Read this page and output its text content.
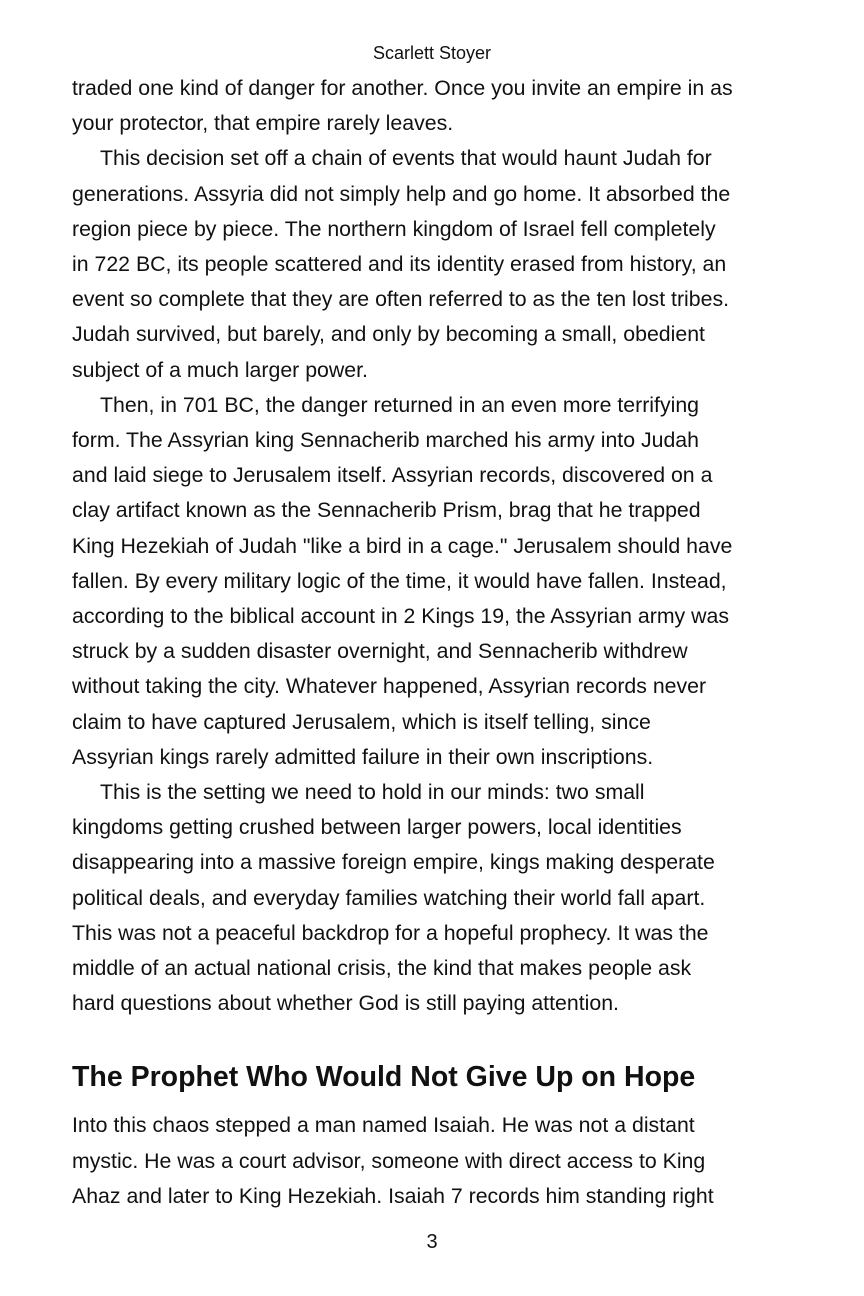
Scarlett Stoyer

traded one kind of danger for another. Once you invite an empire in as
your protector, that empire rarely leaves.

This decision set off a chain of events that would haunt Judah for
generations. Assyria did not simply help and go home. It absorbed the
region piece by piece. The northern kingdom of Israel fell completely
in 722 BC, its people scattered and its identity erased from history, an
event so complete that they are often referred to as the ten lost tribes.
Judah survived, but barely, and only by becoming a small, obedient
subject of a much larger power.

Then, in 701 BC, the danger returned in an even more terrifying
form. The Assyrian king Sennacherib marched his army into Judah
and laid siege to Jerusalem itself. Assyrian records, discovered on a
clay artifact known as the Sennacherib Prism, brag that he trapped
King Hezekiah of Judah "like a bird in a cage." Jerusalem should have
fallen. By every military logic of the time, it would have fallen. Instead,
according to the biblical account in 2 Kings 19, the Assyrian army was
struck by a sudden disaster overnight, and Sennacherib withdrew
without taking the city. Whatever happened, Assyrian records never
claim to have captured Jerusalem, which is itself telling, since
Assyrian kings rarely admitted failure in their own inscriptions.

This is the setting we need to hold in our minds: two small
kingdoms getting crushed between larger powers, local identities
disappearing into a massive foreign empire, kings making desperate
political deals, and everyday families watching their world fall apart.
This was not a peaceful backdrop for a hopeful prophecy. It was the
middle of an actual national crisis, the kind that makes people ask
hard questions about whether God is still paying attention.

The Prophet Who Would Not Give Up on Hope

Into this chaos stepped a man named Isaiah. He was not a distant
mystic. He was a court advisor, someone with direct access to King
Ahaz and later to King Hezekiah. Isaiah 7 records him standing right

3
